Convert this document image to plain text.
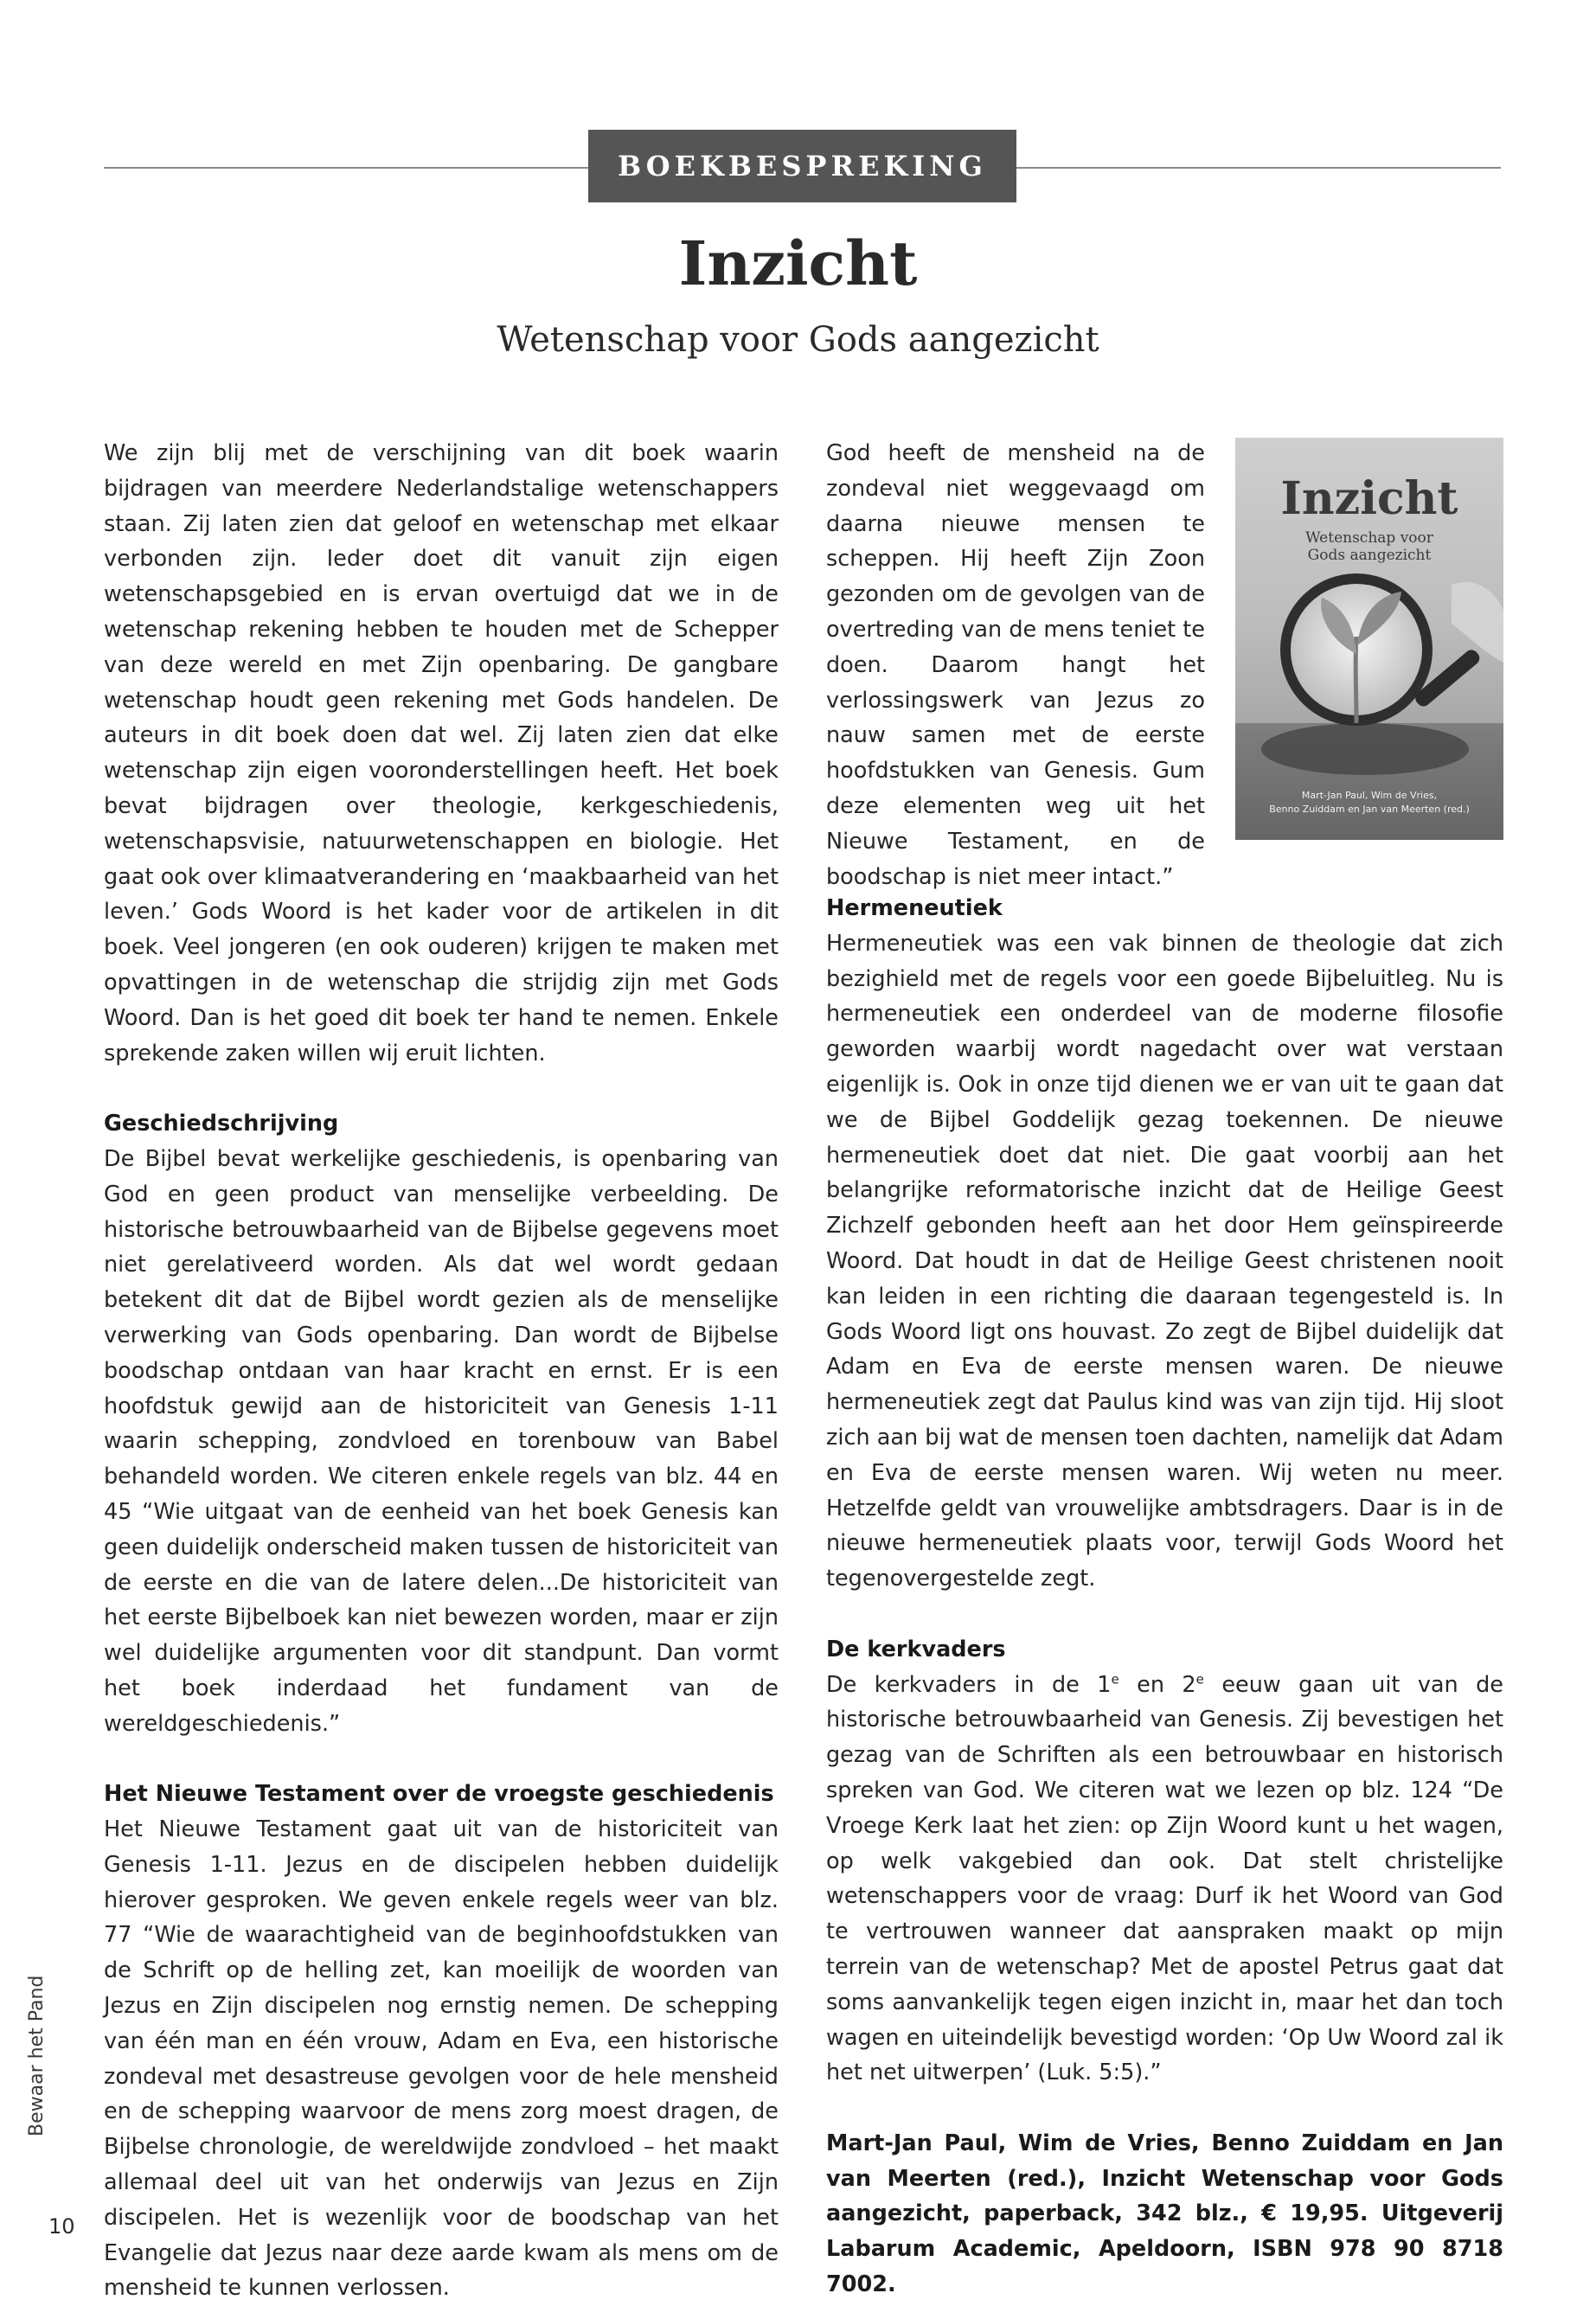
BOEKBESPREKING
Inzicht
Wetenschap voor Gods aangezicht

We zijn blij met de verschijning van dit boek waarin bijdragen van meerdere Nederlandstalige wetenschappers staan. Zij laten zien dat geloof en wetenschap met elkaar verbonden zijn. Ieder doet dit vanuit zijn eigen wetenschapsgebied en is ervan overtuigd dat we in de wetenschap rekening hebben te houden met de Schepper van deze wereld en met Zijn openbaring. De gangbare wetenschap houdt geen rekening met Gods handelen. De auteurs in dit boek doen dat wel. Zij laten zien dat elke wetenschap zijn eigen vooronderstellingen heeft. Het boek bevat bijdragen over theologie, kerkgeschiedenis, wetenschapsvisie, natuurwetenschappen en biologie. Het gaat ook over klimaatverandering en ‘maakbaarheid van het leven.’ Gods Woord is het kader voor de artikelen in dit boek. Veel jongeren (en ook ouderen) krijgen te maken met opvattingen in de wetenschap die strijdig zijn met Gods Woord. Dan is het goed dit boek ter hand te nemen. Enkele sprekende zaken willen wij eruit lichten.

Geschiedschrijving

De Bijbel bevat werkelijke geschiedenis, is openbaring van God en geen product van menselijke verbeelding. De historische betrouwbaarheid van de Bijbelse gegevens moet niet gerelativeerd worden. Als dat wel wordt gedaan betekent dit dat de Bijbel wordt gezien als de menselijke verwerking van Gods openbaring. Dan wordt de Bijbelse boodschap ontdaan van haar kracht en ernst. Er is een hoofdstuk gewijd aan de historiciteit van Genesis 1-11 waarin schepping, zondvloed en torenbouw van Babel behandeld worden. We citeren enkele regels van blz. 44 en 45 “Wie uitgaat van de eenheid van het boek Genesis kan geen duidelijk onderscheid maken tussen de historiciteit van de eerste en die van de latere delen...De historiciteit van het eerste Bijbelboek kan niet bewezen worden, maar er zijn wel duidelijke argumenten voor dit standpunt. Dan vormt het boek inderdaad het fundament van de wereldgeschiedenis.”

Het Nieuwe Testament over de vroegste geschiedenis

Het Nieuwe Testament gaat uit van de historiciteit van Genesis 1-11. Jezus en de discipelen hebben duidelijk hierover gesproken. We geven enkele regels weer van blz. 77 “Wie de waarachtigheid van de beginhoofdstukken van de Schrift op de helling zet, kan moeilijk de woorden van Jezus en Zijn discipelen nog ernstig nemen. De schepping van één man en één vrouw, Adam en Eva, een historische zondeval met desastreuse gevolgen voor de hele mensheid en de schepping waarvoor de mens zorg moest dragen, de Bijbelse chronologie, de wereldwijde zondvloed – het maakt allemaal deel uit van het onderwijs van Jezus en Zijn discipelen. Het is wezenlijk voor de boodschap van het Evangelie dat Jezus naar deze aarde kwam als mens om de mensheid te kunnen verlossen.

God heeft de mensheid na de zondeval niet weggevaagd om daarna nieuwe mensen te scheppen. Hij heeft Zijn Zoon gezonden om de gevolgen van de overtreding van de mens teniet te doen. Daarom hangt het verlossingswerk van Jezus zo nauw samen met de eerste hoofdstukken van Genesis. Gum deze elementen weg uit het Nieuwe Testament, en de boodschap is niet meer intact.”

Inzicht
Wetenschap voor
Gods aangezicht
Mart-Jan Paul, Wim de Vries,
Benno Zuiddam en Jan van Meerten (red.)
Hermeneutiek

Hermeneutiek was een vak binnen de theologie dat zich bezighield met de regels voor een goede Bijbeluitleg. Nu is hermeneutiek een onderdeel van de moderne filosofie geworden waarbij wordt nagedacht over wat verstaan eigenlijk is. Ook in onze tijd dienen we er van uit te gaan dat we de Bijbel Goddelijk gezag toekennen. De nieuwe hermeneutiek doet dat niet. Die gaat voorbij aan het belangrijke reformatorische inzicht dat de Heilige Geest Zichzelf gebonden heeft aan het door Hem geïnspireerde Woord. Dat houdt in dat de Heilige Geest christenen nooit kan leiden in een richting die daaraan tegengesteld is. In Gods Woord ligt ons houvast. Zo zegt de Bijbel duidelijk dat Adam en Eva de eerste mensen waren. De nieuwe hermeneutiek zegt dat Paulus kind was van zijn tijd. Hij sloot zich aan bij wat de mensen toen dachten, namelijk dat Adam en Eva de eerste mensen waren. Wij weten nu meer. Hetzelfde geldt van vrouwelijke ambtsdragers. Daar is in de nieuwe hermeneutiek plaats voor, terwijl Gods Woord het tegenovergestelde zegt.

De kerkvaders

De kerkvaders in de 1e en 2e eeuw gaan uit van de historische betrouwbaarheid van Genesis. Zij bevestigen het gezag van de Schriften als een betrouwbaar en historisch spreken van God. We citeren wat we lezen op blz. 124 “De Vroege Kerk laat het zien: op Zijn Woord kunt u het wagen, op welk vakgebied dan ook. Dat stelt christelijke wetenschappers voor de vraag: Durf ik het Woord van God te vertrouwen wanneer dat aanspraken maakt op mijn terrein van de wetenschap? Met de apostel Petrus gaat dat soms aanvankelijk tegen eigen inzicht in, maar het dan toch wagen en uiteindelijk bevestigd worden: ‘Op Uw Woord zal ik het net uitwerpen’ (Luk. 5:5).”

Mart-Jan Paul, Wim de Vries, Benno Zuiddam en Jan van Meerten (red.), Inzicht Wetenschap voor Gods aangezicht, paperback, 342 blz., € 19,95. Uitgeverij Labarum Academic, Apeldoorn, ISBN 978 90 8718 7002.

Bewaar het Pand
10
